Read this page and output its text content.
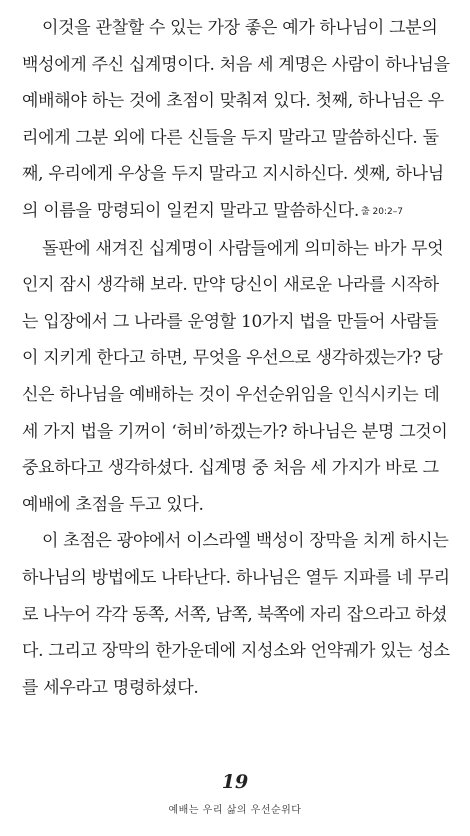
이것을 관찰할 수 있는 가장 좋은 예가 하나님이 그분의
백성에게 주신 십계명이다. 처음 세 계명은 사람이 하나님을
예배해야 하는 것에 초점이 맞춰져 있다. 첫째, 하나님은 우
리에게 그분 외에 다른 신들을 두지 말라고 말씀하신다. 둘
째, 우리에게 우상을 두지 말라고 지시하신다. 셋째, 하나님
의 이름을 망령되이 일컫지 말라고 말씀하신다. 출 20:2–7

돌판에 새겨진 십계명이 사람들에게 의미하는 바가 무엇
인지 잠시 생각해 보라. 만약 당신이 새로운 나라를 시작하
는 입장에서 그 나라를 운영할 10가지 법을 만들어 사람들
이 지키게 한다고 하면, 무엇을 우선으로 생각하겠는가? 당
신은 하나님을 예배하는 것이 우선순위임을 인식시키는 데
세 가지 법을 기꺼이 ‘허비’하겠는가? 하나님은 분명 그것이
중요하다고 생각하셨다. 십계명 중 처음 세 가지가 바로 그
예배에 초점을 두고 있다.

이 초점은 광야에서 이스라엘 백성이 장막을 치게 하시는
하나님의 방법에도 나타난다. 하나님은 열두 지파를 네 무리
로 나누어 각각 동쪽, 서쪽, 남쪽, 북쪽에 자리 잡으라고 하셨
다. 그리고 장막의 한가운데에 지성소와 언약궤가 있는 성소
를 세우라고 명령하셨다.

19
예배는 우리 삶의 우선순위다
